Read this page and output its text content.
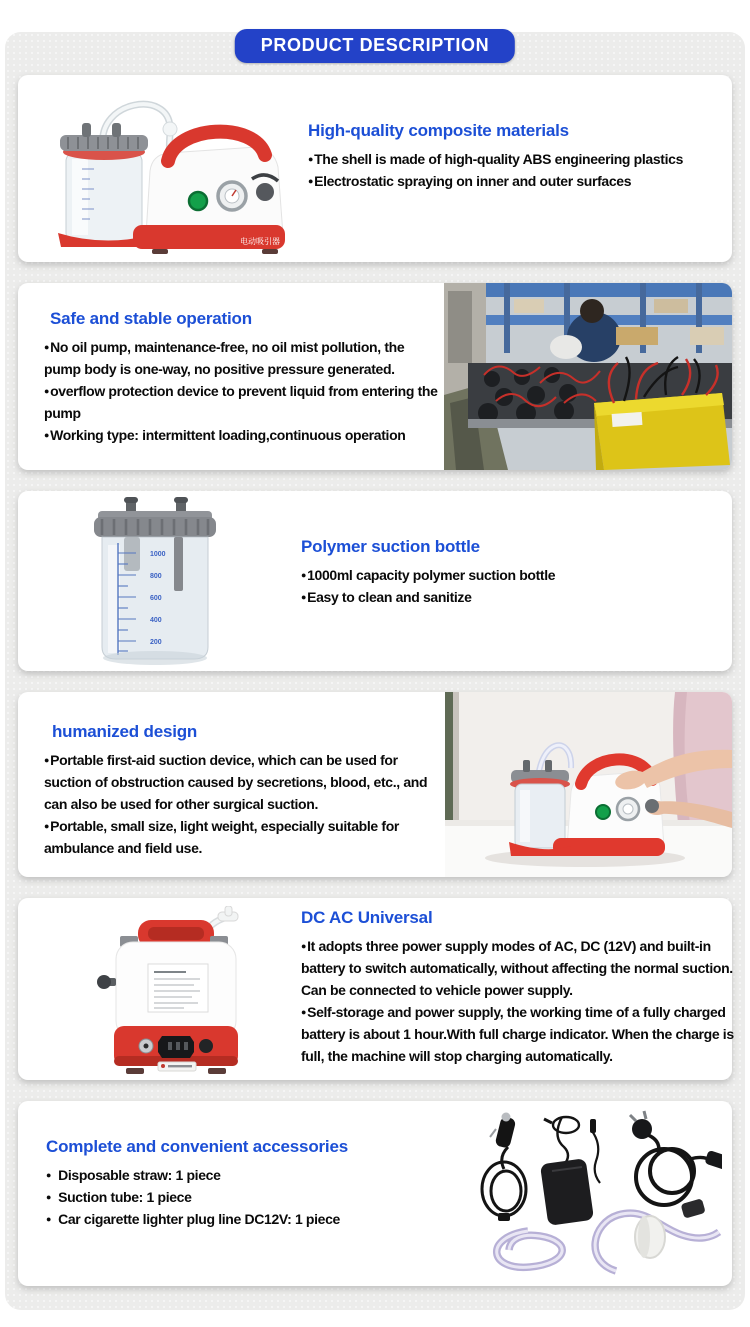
PRODUCT DESCRIPTION
电动吸引器

High-quality composite materials

● The shell is made of high-quality ABS engineering plastics

● Electrostatic spraying on inner and outer surfaces

Safe and stable operation

● No oil pump, maintenance-free, no oil mist pollution, the pump body is one-way, no positive pressure generated.

● overflow protection device to prevent liquid from entering the pump

● Working type: intermittent loading,continuous operation

1000
800
600
400
200

Polymer suction bottle

● 1000ml capacity polymer suction bottle

● Easy to clean and sanitize

humanized design

● Portable first-aid suction device, which can be used for suction of obstruction caused by secretions, blood, etc., and can also be used for other surgical suction.

● Portable, small size, light weight, especially suitable for ambulance and field use.

DC AC Universal

● It adopts three power supply modes of AC, DC (12V) and built-in battery to switch automatically, without affecting the normal suction. Can be connected to vehicle power supply.

● Self-storage and power supply, the working time of a fully charged battery is about 1 hour.With full charge indicator. When the charge is full, the machine will stop charging automatically.

Complete and convenient accessories

● Disposable straw: 1 piece

● Suction tube: 1 piece

● Car cigarette lighter plug line DC12V: 1 piece
